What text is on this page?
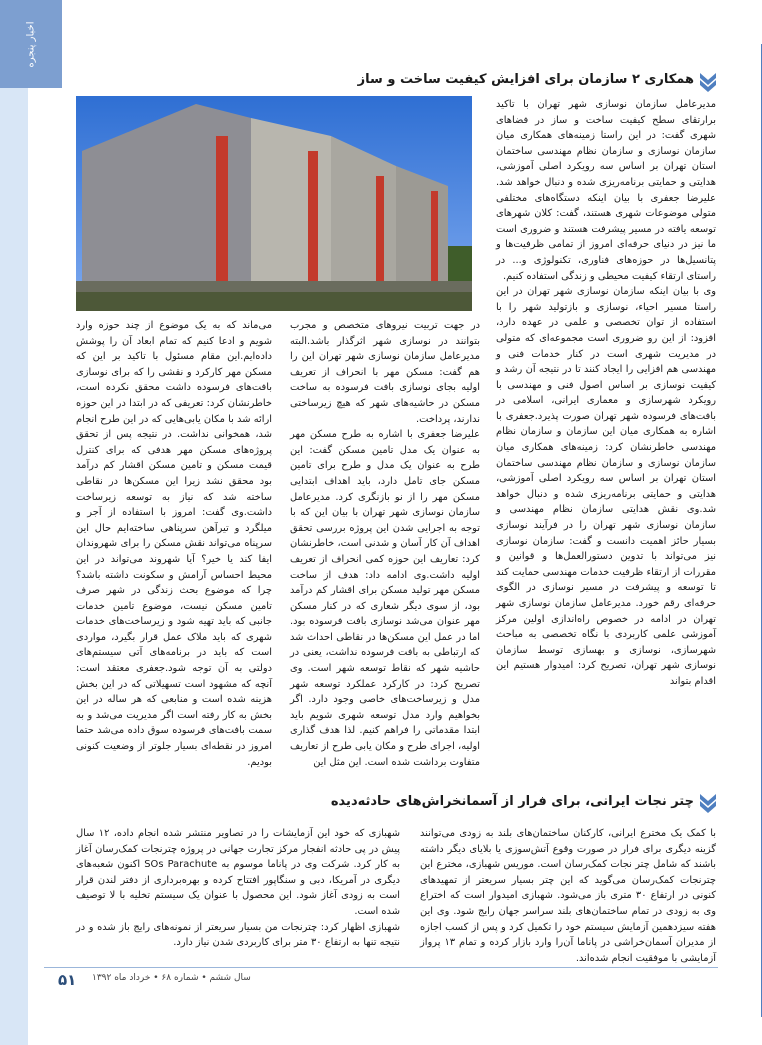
اخبار پنجره
همکاری ۲ سازمان برای افزایش کیفیت ساخت و ساز
مدیرعامل سازمان نوسازی شهر تهران با تاکید برارتقای سطح کیفیت ساخت و ساز در فضاهای شهری گفت: در این راستا زمینه‌های همکاری میان سازمان نوسازی و سازمان نظام مهندسی ساختمان استان تهران بر اساس سه رویکرد اصلی آموزشی، هدایتی و حمایتی برنامه‌ریزی شده و دنبال خواهد شد. علیرضا جعفری با بیان اینکه دستگاه‌های مختلفی متولی موضوعات شهری هستند، گفت: کلان شهرهای توسعه یافته در مسیر پیشرفت هستند و ضروری است ما نیز در دنیای حرفه‌ای امروز از تمامی ظرفیت‌ها و پتانسیل‌ها در حوزه‌های فناوری، تکنولوژی و... در راستای ارتقاء کیفیت محیطی و زندگی استفاده کنیم.
وی با بیان اینکه سازمان نوسازی شهر تهران در این راستا مسیر احیاء، نوسازی و بازتولید شهر را با استفاده از توان تخصصی و علمی در عهده دارد، افزود: از این رو ضروری است مجموعه‌ای که متولی در مدیریت شهری است در کنار خدمات فنی و مهندسی هم افزایی را ایجاد کنند تا در نتیجه آن رشد و کیفیت نوسازی بر اساس اصول فنی و مهندسی با رویکرد شهرسازی و معماری ایرانی، اسلامی در بافت‌های فرسوده شهر تهران صورت پذیرد.جعفری با اشاره به همکاری میان این سازمان و سازمان نظام مهندسی خاطرنشان کرد: زمینه‌های همکاری میان سازمان نوسازی و سازمان نظام مهندسی ساختمان استان تهران بر اساس سه رویکرد اصلی آموزشی، هدایتی و حمایتی برنامه‌ریزی شده و دنبال خواهد شد.وی نقش هدایتی سازمان نظام مهندسی و سازمان نوسازی شهر تهران را در فرآیند نوسازی بسیار حائز اهمیت دانست و گفت: سازمان نوسازی نیز می‌تواند با تدوین دستورالعمل‌ها و قوانین و مقررات از ارتقاء ظرفیت خدمات مهندسی حمایت کند تا توسعه و پیشرفت در مسیر نوسازی در الگوی حرفه‌ای رقم خورد. مدیرعامل سازمان نوسازی شهر تهران در ادامه در خصوص راه‌اندازی اولین مرکز آموزشی علمی کاربردی با نگاه تخصصی به مباحث شهرسازی، نوسازی و بهسازی توسط سازمان نوسازی شهر تهران، تصریح کرد: امیدوار هستیم این اقدام بتواند
در جهت تربیت نیروهای متخصص و مجرب بتوانند در نوسازی شهر اثرگذار باشد.البته مدیرعامل سازمان نوسازی شهر تهران این را هم گفت: مسکن مهر با انحراف از تعریف اولیه بجای نوسازی بافت فرسوده به ساخت مسکن در حاشیه‌های شهر که هیچ زیرساختی ندارند، پرداخت.
علیرضا جعفری با اشاره به طرح مسکن مهر به عنوان یک مدل تامین مسکن گفت: این طرح به عنوان یک مدل و طرح برای تامین مسکن جای تامل دارد، باید اهداف ابتدایی مسکن مهر را از نو بازنگری کرد. مدیرعامل سازمان نوسازی شهر تهران با بیان این که با توجه به اجرایی شدن این پروژه بررسی تحقق اهداف آن کار آسان و شدنی است، خاطرنشان کرد: تعاریف این حوزه کمی انحراف از تعریف اولیه داشت.وی ادامه داد: هدف از ساخت مسکن مهر تولید مسکن برای اقشار کم درآمد بود، از سوی دیگر شعاری که در کنار مسکن مهر عنوان می‌شد نوسازی بافت فرسوده بود. اما در عمل این مسکن‌ها در نقاطی احداث شد که ارتباطی به بافت فرسوده نداشت، یعنی در حاشیه شهر که نقاط توسعه شهر است. وی تصریح کرد: در کارکرد عملکرد توسعه شهر مدل و زیرساخت‌های خاصی وجود دارد. اگر بخواهیم وارد مدل توسعه شهری شویم باید ابتدا مقدماتی را فراهم کنیم. لذا هدف گذاری اولیه، اجرای طرح و مکان یابی طرح از تعاریف متفاوت برداشت شده است. این مثل این
می‌ماند که به یک موضوع از چند حوزه وارد شویم و ادعا کنیم که تمام ابعاد آن را پوشش داده‌ایم.این مقام مسئول با تاکید بر این که مسکن مهر کارکرد و نقشی را که برای نوسازی بافت‌های فرسوده داشت محقق نکرده است، خاطرنشان کرد: تعریفی که در ابتدا در این حوزه ارائه شد با مکان یابی‌هایی که در این طرح انجام شد، همخوانی نداشت. در نتیجه پس از تحقق پروژه‌های مسکن مهر هدفی که برای کنترل قیمت مسکن و تامین مسکن اقشار کم درآمد بود محقق نشد زیرا این مسکن‌ها در نقاطی ساخته شد که نیاز به توسعه زیرساخت داشت.وی گفت: امروز با استفاده از آجر و میلگرد و تیرآهن سرپناهی ساخته‌ایم حال این سرپناه می‌تواند نقش مسکن را برای شهروندان ایفا کند یا خیر؟ آیا شهروند می‌تواند در این محیط احساس آرامش و سکونت داشته باشد؟ چرا که موضوع بحث زندگی در شهر صرف تامین مسکن نیست، موضوع تامین خدمات جانبی که باید تهیه شود و زیرساخت‌های خدمات شهری که باید ملاک عمل قرار بگیرد، مواردی است که باید در برنامه‌های آتی سیستم‌های دولتی به آن توجه شود.جعفری معتقد است: آنچه که مشهود است تسهیلاتی که در این بخش هزینه شده است و منابعی که هر ساله در این بخش به کار رفته است اگر مدیریت می‌شد و به سمت بافت‌های فرسوده سوق داده می‌شد حتما امروز در نقطه‌ای بسیار جلوتر از وضعیت کنونی بودیم.
چتر نجات ایرانی، برای فرار از آسمانخراش‌های حادثه‌دیده
با کمک یک مخترع ایرانی، کارکنان ساختمان‌های بلند به زودی می‌توانند گزینه دیگری برای فرار در صورت وقوع آتش‌سوزی یا بلایای دیگر داشته باشند که شامل چتر نجات کمک‌رسان است. موریس شهبازی، مخترع این چترنجات کمک‌رسان می‌گوید که این چتر بسیار سریعتر از تمهیدهای کنونی در ارتفاع ۳۰ متری باز می‌شود. شهبازی امیدوار است که اختراع وی به زودی در تمام ساختمان‌های بلند سراسر جهان رایج شود. وی این هفته سیزدهمین آزمایش سیستم خود را تکمیل کرد و پس از کسب اجازه از مدیران آسمان‌خراشی در پاناما آن‌را وارد بازار کرده و تمام ۱۳ پرواز آزمایشی با موفقیت انجام شده‌اند.
شهبازی که خود این آزمایشات را در تصاویر منتشر شده انجام داده، ۱۲ سال پیش در پی حادثه انفجار مرکز تجارت جهانی در پروژه چترنجات کمک‌رسان آغاز به کار کرد. شرکت وی در پاناما موسوم به SOs Parachute اکنون شعبه‌های دیگری در آمریکا، دبی و سنگاپور افتتاح کرده و بهره‌برداری از دفتر لندن قرار است به زودی آغاز شود. این محصول با عنوان یک سیستم تخلیه با لا توصیف شده است.
شهبازی اظهار کرد: چترنجات من بسیار سریعتر از نمونه‌های رایج باز شده و در نتیجه تنها به ارتفاع ۳۰ متر برای کاربردی شدن نیاز دارد.
۵۱ سال ششم • شماره ۶۸ • خرداد ماه ۱۳۹۲
